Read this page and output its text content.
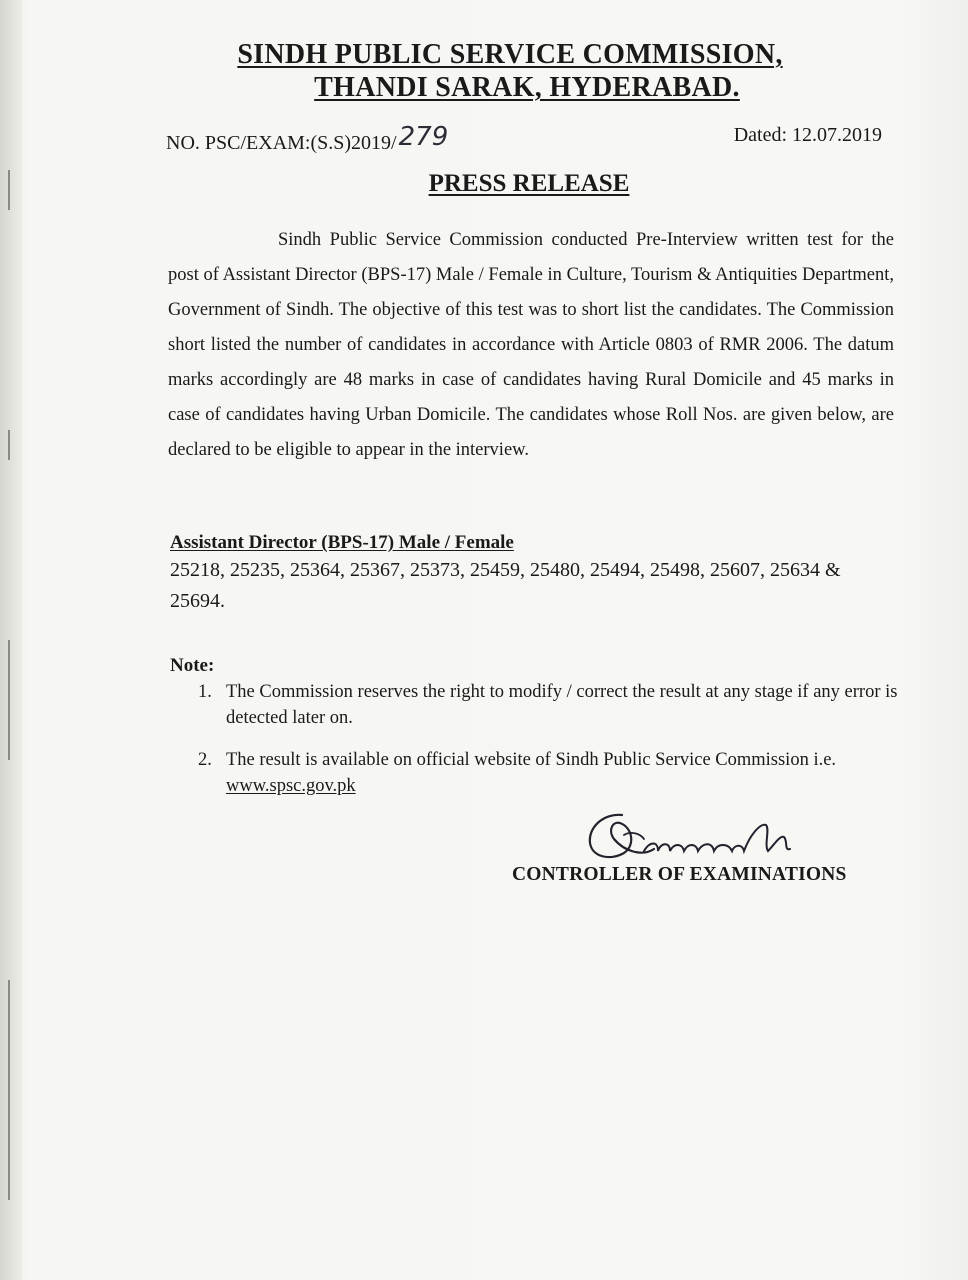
SINDH PUBLIC SERVICE COMMISSION,
THANDI SARAK, HYDERABAD.
NO. PSC/EXAM:(S.S)2019/279	Dated: 12.07.2019
PRESS RELEASE

Sindh Public Service Commission conducted Pre-Interview written test for the post of Assistant Director (BPS-17) Male / Female in Culture, Tourism & Antiquities Department, Government of Sindh. The objective of this test was to short list the candidates. The Commission short listed the number of candidates in accordance with Article 0803 of RMR 2006. The datum marks accordingly are 48 marks in case of candidates having Rural Domicile and 45 marks in case of candidates having Urban Domicile. The candidates whose Roll Nos. are given below, are declared to be eligible to appear in the interview.

Assistant Director (BPS-17) Male / Female
25218, 25235, 25364, 25367, 25373, 25459, 25480, 25494, 25498, 25607, 25634 & 25694.
Note:
1. The Commission reserves the right to modify / correct the result at any stage if any error is detected later on.
2. The result is available on official website of Sindh Public Service Commission i.e.
www.spsc.gov.pk
CONTROLLER OF EXAMINATIONS
